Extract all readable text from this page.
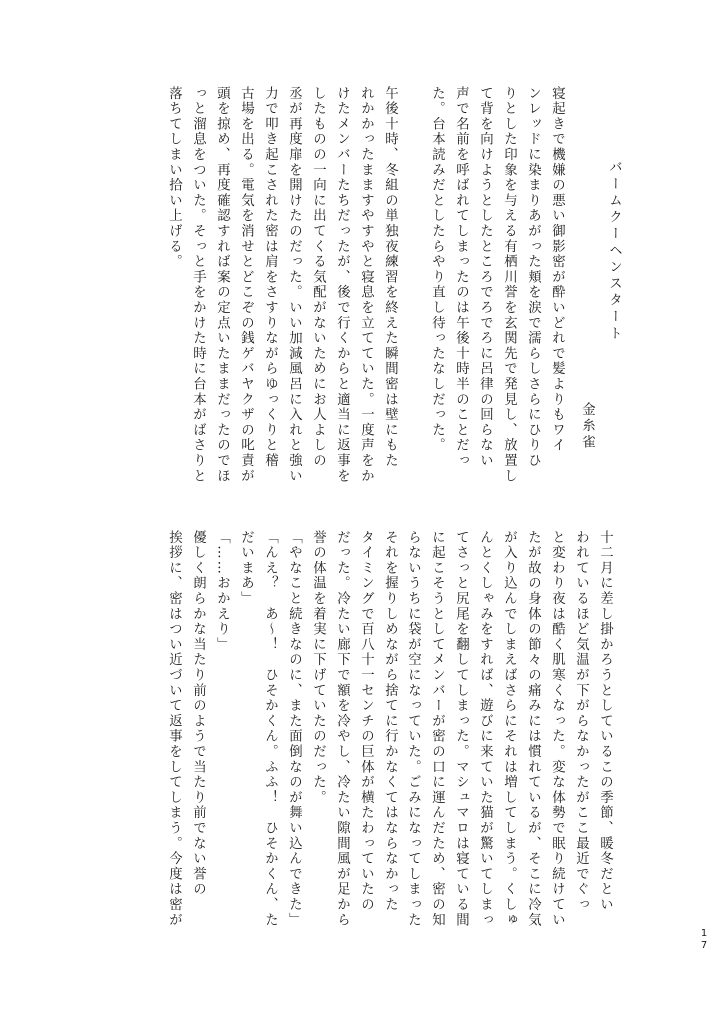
バームクーヘンスタート
金糸雀
寝起きで機嫌の悪い御影密が酔いどれで髪よりもワイ
ンレッドに染まりあがった頬を涙で濡らしさらにひりひ
りとした印象を与える有栖川誉を玄関先で発見し、放置し
て背を向けようとしたところでろでろに呂律の回らない
声で名前を呼ばれてしまったのは午後十時半のことだっ
た。台本読みだとしたらやり直し待ったなしだった。
午後十時、冬組の単独夜練習を終えた瞬間密は壁にもた
れかかったまますやすやと寝息を立てていた。一度声をか
けたメンバーたちだったが、後で行くからと適当に返事を
したものの一向に出てくる気配がないためにお人よしの
丞が再度扉を開けたのだった。いい加減風呂に入れと強い
力で叩き起こされた密は肩をさすりながらゆっくりと稽
古場を出る。電気を消せとどこぞの銭ゲバヤクザの叱責が
頭を掠め、再度確認すれば案の定点いたままだったのでほ
っと溜息をついた。そっと手をかけた時に台本がばさりと
落ちてしまい拾い上げる。
十二月に差し掛かろうとしているこの季節、暖冬だとい
われているほど気温が下がらなかったがここ最近でぐっ
と変わり夜は酷く肌寒くなった。変な体勢で眠り続けてい
たが故の身体の節々の痛みには慣れているが、そこに冷気
が入り込んでしまえばさらにそれは増してしまう。くしゅ
んとくしゃみをすれば、遊びに来ていた猫が驚いてしまっ
てさっと尻尾を翻してしまった。マシュマロは寝ている間
に起こそうとしてメンバーが密の口に運んだため、密の知
らないうちに袋が空になっていた。ごみになってしまった
それを握りしめながら捨てに行かなくてはならなかった
タイミングで百八十一センチの巨体が横たわっていたの
だった。冷たい廊下で額を冷やし、冷たい隙間風が足から
誉の体温を着実に下げていたのだった。
「やなこと続きなのに、また面倒なのが舞い込んできた」
「んえ？　あ～！　ひそかくん。ふふ！　ひそかくん、た
だいまあ」
「……おかえり」
優しく朗らかな当たり前のようで当たり前でない誉の
挨拶に、密はつい近づいて返事をしてしまう。今度は密が
17
